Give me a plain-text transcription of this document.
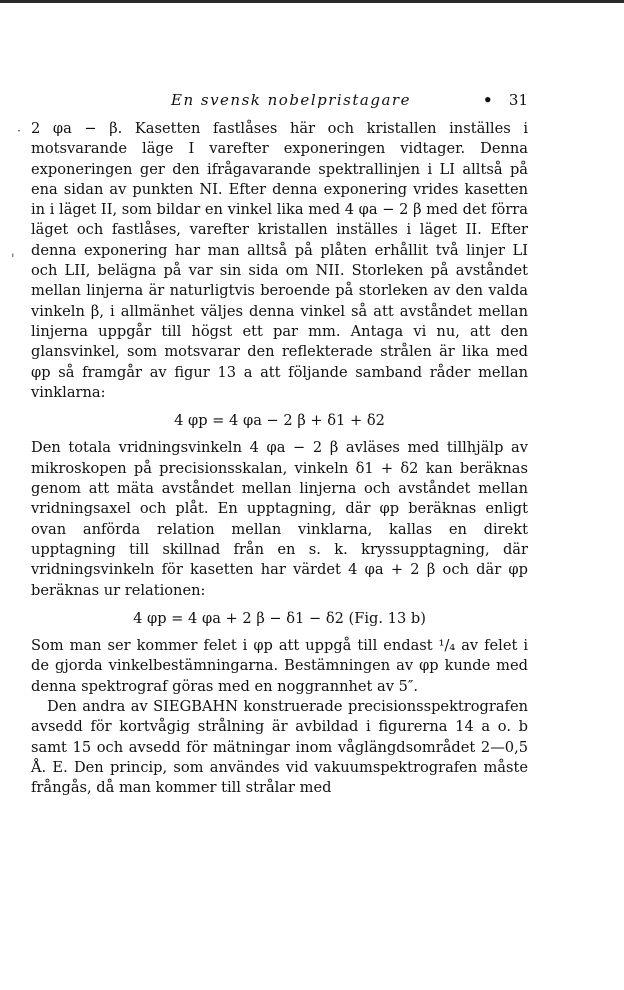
En svensk nobelpristagare	• 31
·
'

2 φa − β. Kasetten fastlåses här och kristallen inställes i motsvarande läge I varefter exponeringen vidtager. Denna exponeringen ger den ifrågavarande spektrallinjen i LI alltså på ena sidan av punkten NI. Efter denna exponering vrides kasetten in i läget II, som bildar en vinkel lika med 4 φa − 2 β med det förra läget och fastlåses, varefter kristallen inställes i läget II. Efter denna exponering har man alltså på plåten erhållit två linjer LI och LII, belägna på var sin sida om NII. Storleken på avståndet mellan linjerna är naturligtvis beroende på storleken av den valda vinkeln β, i allmänhet väljes denna vinkel så att avståndet mellan linjerna uppgår till högst ett par mm. Antaga vi nu, att den glansvinkel, som motsvarar den reflekterade strålen är lika med φp så framgår av figur 13 a att följande samband råder mellan vinklarna:

4 φp = 4 φa − 2 β + δ1 + δ2

Den totala vridningsvinkeln 4 φa − 2 β avläses med tillhjälp av mikroskopen på precisionsskalan, vinkeln δ1 + δ2 kan beräknas genom att mäta avståndet mellan linjerna och avståndet mellan vridningsaxel och plåt. En upptagning, där φp beräknas enligt ovan anförda relation mellan vinklarna, kallas en direkt upptagning till skillnad från en s. k. kryssupptagning, där vridningsvinkeln för kasetten har värdet 4 φa + 2 β och där φp beräknas ur relationen:

4 φp = 4 φa + 2 β − δ1 − δ2 (Fig. 13 b)

Som man ser kommer felet i φp att uppgå till endast ¹/₄ av felet i de gjorda vinkelbestämningarna. Bestämningen av φp kunde med denna spektrograf göras med en noggrannhet av 5″.

Den andra av SIEGBAHN konstruerade precisionsspektrografen avsedd för kortvågig strålning är avbildad i figurerna 14 a o. b samt 15 och avsedd för mätningar inom våglängdsområdet 2—0,5 Å. E. Den princip, som användes vid vakuumspektrografen måste frångås, då man kommer till strålar med
